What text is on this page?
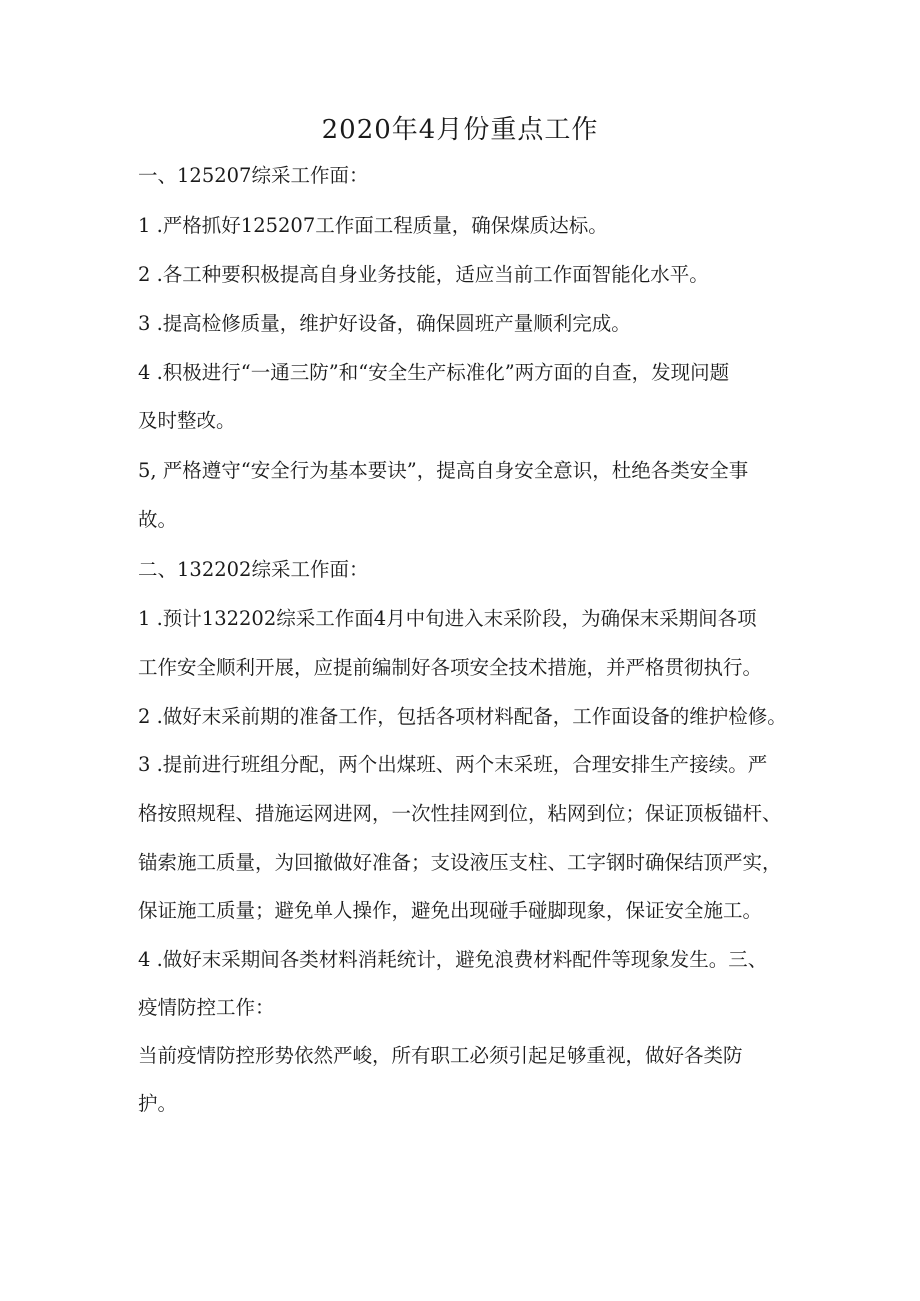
2020年4月份重点工作
一、125207综采工作面：
1 .严格抓好125207工作面工程质量，确保煤质达标。
2 .各工种要积极提高自身业务技能，适应当前工作面智能化水平。
3 .提高检修质量，维护好设备，确保圆班产量顺利完成。
4 .积极进行“一通三防”和“安全生产标准化”两方面的自查，发现问题
及时整改。
5, 严格遵守“安全行为基本要诀”，提高自身安全意识，杜绝各类安全事
故。
二、132202综采工作面：
1 .预计132202综采工作面4月中旬进入末采阶段，为确保末采期间各项
工作安全顺利开展，应提前编制好各项安全技术措施，并严格贯彻执行。
2 .做好末采前期的准备工作，包括各项材料配备，工作面设备的维护检修。
3 .提前进行班组分配，两个出煤班、两个末采班，合理安排生产接续。严
格按照规程、措施运网进网，一次性挂网到位，粘网到位；保证顶板锚杆、
锚索施工质量，为回撤做好准备；支设液压支柱、工字钢时确保结顶严实，
保证施工质量；避免单人操作，避免出现碰手碰脚现象，保证安全施工。
4 .做好末采期间各类材料消耗统计，避免浪费材料配件等现象发生。三、
疫情防控工作：
当前疫情防控形势依然严峻，所有职工必须引起足够重视，做好各类防
护。
